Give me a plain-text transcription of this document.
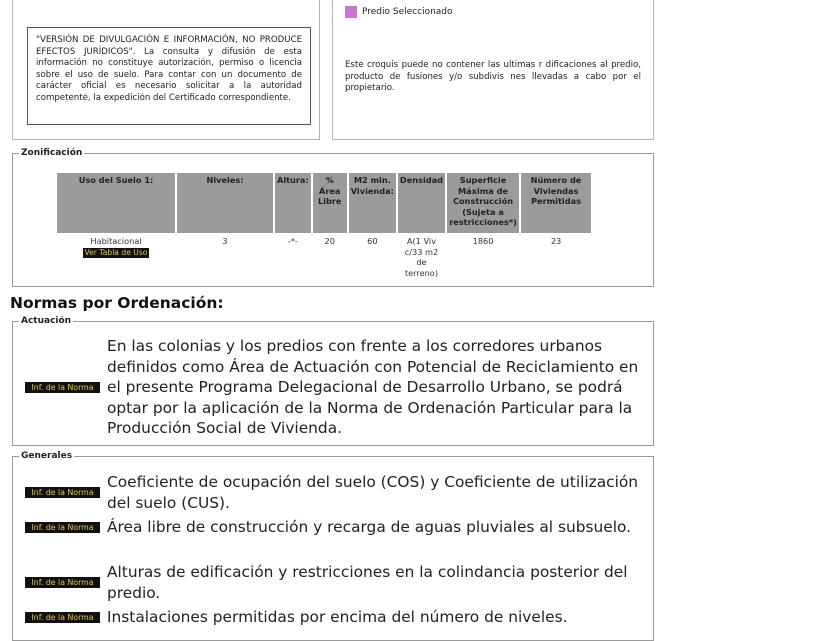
"VERSIÓN DE DIVULGACIÓN E INFORMACIÓN, NO PRODUCE EFECTOS JURÍDICOS". La consulta y difusión de esta información no constituye autorización, permiso o licencia sobre el uso de suelo. Para contar con un documento de carácter oficial es necesario solicitar a la autoridad competente, la expedición del Certificado correspondiente.
Predio Seleccionado
Este croquis puede no contener las ultimas r dificaciones al predio, producto de fusiones y/o subdivis nes llevadas a cabo por el propietario.
Zonificación
Uso del Suelo 1:	Niveles:	Altura:	% Área Libre	M2 min. Vivienda:	Densidad	Superficie Máxima de Construcción (Sujeta a restricciones*)	Número de Viviendas Permitidas

Habitacional
Ver Tabla de Uso	3	-*-	20	60	A(1 Viv c/33 m2 de terreno)	1860	23
Normas por Ordenación:
Actuación
Inf. de la Norma
En las colonias y los predios con frente a los corredores urbanos definidos como Área de Actuación con Potencial de Reciclamiento en el presente Programa Delegacional de Desarrollo Urbano, se podrá optar por la aplicación de la Norma de Ordenación Particular para la Producción Social de Vivienda.
Generales
Inf. de la Norma
Coeficiente de ocupación del suelo (COS) y Coeficiente de utilización del suelo (CUS).
Inf. de la Norma Área libre de construcción y recarga de aguas pluviales al subsuelo.
Inf. de la Norma
Alturas de edificación y restricciones en la colindancia posterior del predio.
Inf. de la Norma Instalaciones permitidas por encima del número de niveles.
